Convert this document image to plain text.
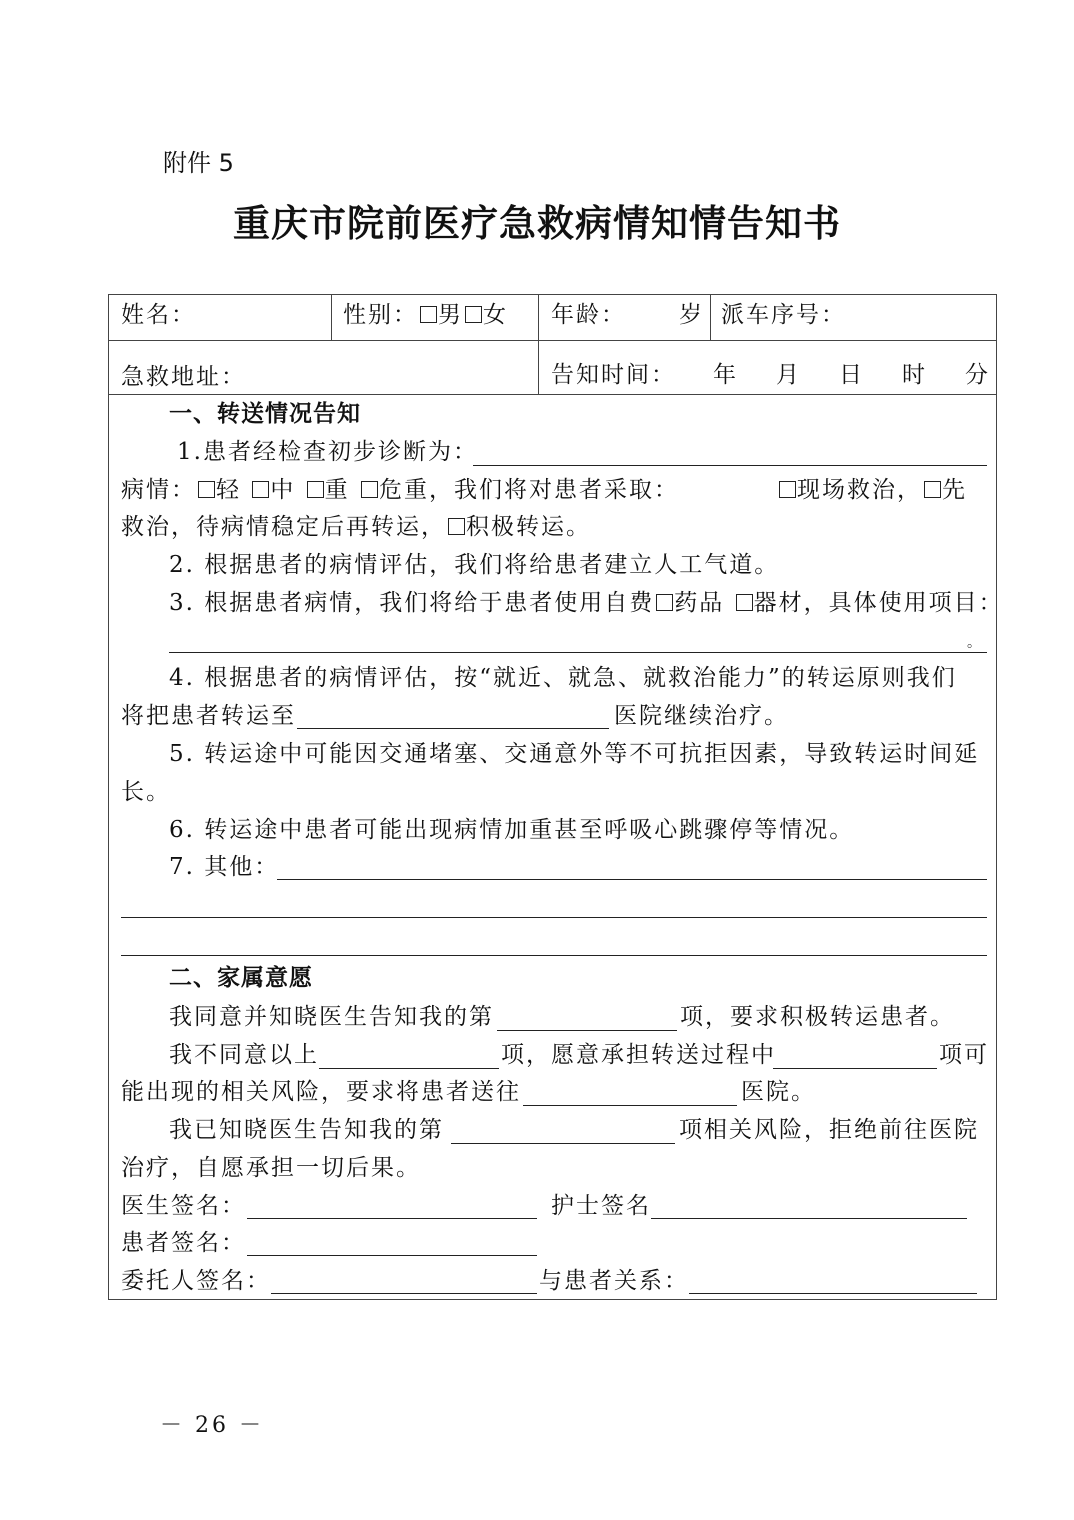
附件 5
重庆市院前医疗急救病情知情告知书
姓名：	性别： 男 女 年龄： 岁 派车序号：
急救地址：	告知时间： 年 月 日 时 分
一、转送情况告知
1.患者经检查初步诊断为：
病情： 轻 中 重 危重，我们将对患者采取：	现场救治， 先
救治，待病情稳定后再转运， 积极转运。
2. 根据患者的病情评估，我们将给患者建立人工气道。
3. 根据患者病情，我们将给于患者使用自费 药品 器材，具体使用项目：
。
4. 根据患者的病情评估，按“就近、就急、就救治能力”的转运原则我们
将把患者转运至	医院继续治疗。
5. 转运途中可能因交通堵塞、交通意外等不可抗拒因素，导致转运时间延
长。
6. 转运途中患者可能出现病情加重甚至呼吸心跳骤停等情况。
7. 其他：
二、家属意愿
我同意并知晓医生告知我的第	项，要求积极转运患者。
我不同意以上	项，愿意承担转送过程中	项可
能出现的相关风险，要求将患者送往	医院。
我已知晓医生告知我的第	项相关风险，拒绝前往医院
治疗，自愿承担一切后果。
医生签名：	护士签名
患者签名：
委托人签名：	与患者关系：
－ 26 －
